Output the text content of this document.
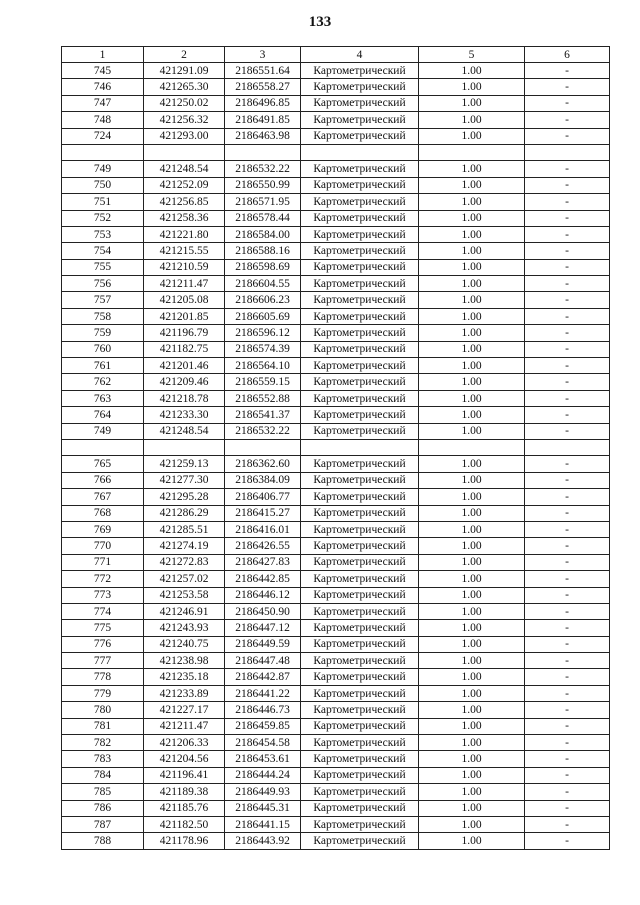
133
1	2	3	4	5	6
745	421291.09	2186551.64	Картометрический	1.00	-
746	421265.30	2186558.27	Картометрический	1.00	-
747	421250.02	2186496.85	Картометрический	1.00	-
748	421256.32	2186491.85	Картометрический	1.00	-
724	421293.00	2186463.98	Картометрический	1.00	-

749	421248.54	2186532.22	Картометрический	1.00	-
750	421252.09	2186550.99	Картометрический	1.00	-
751	421256.85	2186571.95	Картометрический	1.00	-
752	421258.36	2186578.44	Картометрический	1.00	-
753	421221.80	2186584.00	Картометрический	1.00	-
754	421215.55	2186588.16	Картометрический	1.00	-
755	421210.59	2186598.69	Картометрический	1.00	-
756	421211.47	2186604.55	Картометрический	1.00	-
757	421205.08	2186606.23	Картометрический	1.00	-
758	421201.85	2186605.69	Картометрический	1.00	-
759	421196.79	2186596.12	Картометрический	1.00	-
760	421182.75	2186574.39	Картометрический	1.00	-
761	421201.46	2186564.10	Картометрический	1.00	-
762	421209.46	2186559.15	Картометрический	1.00	-
763	421218.78	2186552.88	Картометрический	1.00	-
764	421233.30	2186541.37	Картометрический	1.00	-
749	421248.54	2186532.22	Картометрический	1.00	-

765	421259.13	2186362.60	Картометрический	1.00	-
766	421277.30	2186384.09	Картометрический	1.00	-
767	421295.28	2186406.77	Картометрический	1.00	-
768	421286.29	2186415.27	Картометрический	1.00	-
769	421285.51	2186416.01	Картометрический	1.00	-
770	421274.19	2186426.55	Картометрический	1.00	-
771	421272.83	2186427.83	Картометрический	1.00	-
772	421257.02	2186442.85	Картометрический	1.00	-
773	421253.58	2186446.12	Картометрический	1.00	-
774	421246.91	2186450.90	Картометрический	1.00	-
775	421243.93	2186447.12	Картометрический	1.00	-
776	421240.75	2186449.59	Картометрический	1.00	-
777	421238.98	2186447.48	Картометрический	1.00	-
778	421235.18	2186442.87	Картометрический	1.00	-
779	421233.89	2186441.22	Картометрический	1.00	-
780	421227.17	2186446.73	Картометрический	1.00	-
781	421211.47	2186459.85	Картометрический	1.00	-
782	421206.33	2186454.58	Картометрический	1.00	-
783	421204.56	2186453.61	Картометрический	1.00	-
784	421196.41	2186444.24	Картометрический	1.00	-
785	421189.38	2186449.93	Картометрический	1.00	-
786	421185.76	2186445.31	Картометрический	1.00	-
787	421182.50	2186441.15	Картометрический	1.00	-
788	421178.96	2186443.92	Картометрический	1.00	-
